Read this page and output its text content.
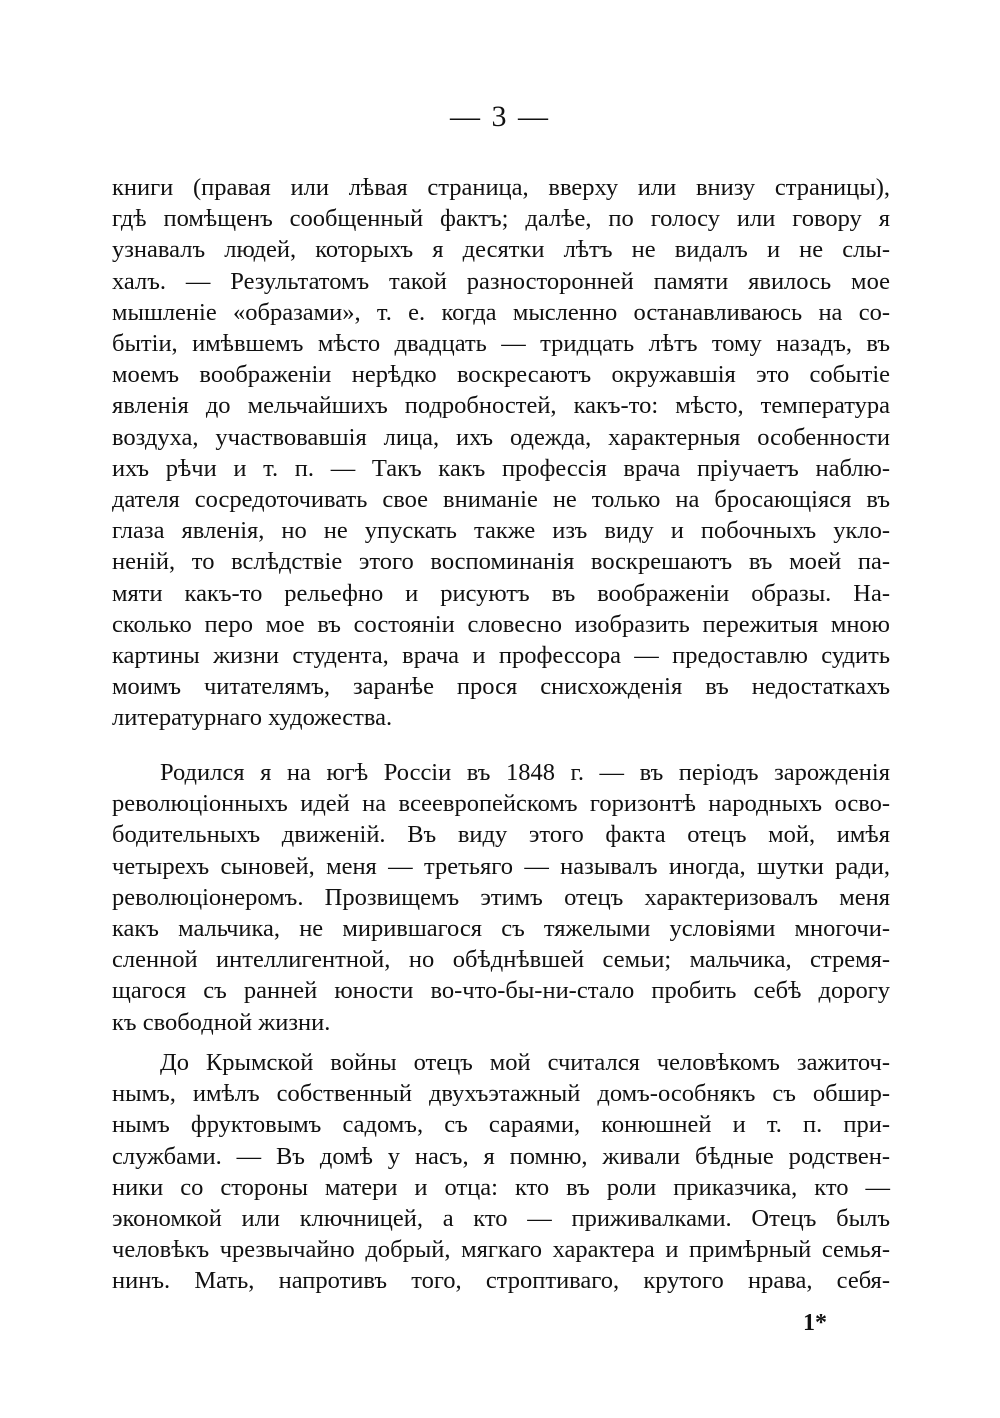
— 3 —
книги (правая или лѣвая страница, вверху или внизу страницы),
гдѣ помѣщенъ сообщенный фактъ; далѣе, по голосу или говору я
узнавалъ людей, которыхъ я десятки лѣтъ не видалъ и не слы-
халъ. — Результатомъ такой разносторонней памяти явилось мое
мышленіе «образами», т. е. когда мысленно останавливаюсь на со-
бытіи, имѣвшемъ мѣсто двадцать — тридцать лѣтъ тому назадъ, въ
моемъ воображеніи нерѣдко воскресаютъ окружавшія это событіе
явленія до мельчайшихъ подробностей, какъ-то: мѣсто, температура
воздуха, участвовавшія лица, ихъ одежда, характерныя особенности
ихъ рѣчи и т. п. — Такъ какъ профессія врача пріучаетъ наблю-
дателя сосредоточивать свое вниманіе не только на бросающіяся въ
глаза явленія, но не упускать также изъ виду и побочныхъ укло-
неній, то вслѣдствіе этого воспоминанія воскрешаютъ въ моей па-
мяти какъ-то рельефно и рисуютъ въ воображеніи образы. На-
сколько перо мое въ состояніи словесно изобразить пережитыя мною
картины жизни студента, врача и профессора — предоставлю судить
моимъ читателямъ, заранѣе прося снисхожденія въ недостаткахъ
литературнаго художества.
Родился я на югѣ Россіи въ 1848 г. — въ періодъ зарожденія
революціонныхъ идей на всеевропейскомъ горизонтѣ народныхъ осво-
бодительныхъ движеній. Въ виду этого факта отецъ мой, имѣя
четырехъ сыновей, меня — третьяго — называлъ иногда, шутки ради,
революціонеромъ. Прозвищемъ этимъ отецъ характеризовалъ меня
какъ мальчика, не мирившагося съ тяжелыми условіями многочи-
сленной интеллигентной, но обѣднѣвшей семьи; мальчика, стремя-
щагося съ ранней юности во-что-бы-ни-стало пробить себѣ дорогу
къ свободной жизни.
До Крымской войны отецъ мой считался человѣкомъ зажиточ-
нымъ, имѣлъ собственный двухъэтажный домъ-особнякъ съ обшир-
нымъ фруктовымъ садомъ, съ сараями, конюшней и т. п. при-
службами. — Въ домѣ у насъ, я помню, живали бѣдные родствен-
ники со стороны матери и отца: кто въ роли приказчика, кто —
экономкой или ключницей, а кто — приживалками. Отецъ былъ
человѣкъ чрезвычайно добрый, мягкаго характера и примѣрный семья-
нинъ. Мать, напротивъ того, строптиваго, крутого нрава, себя-
1*
